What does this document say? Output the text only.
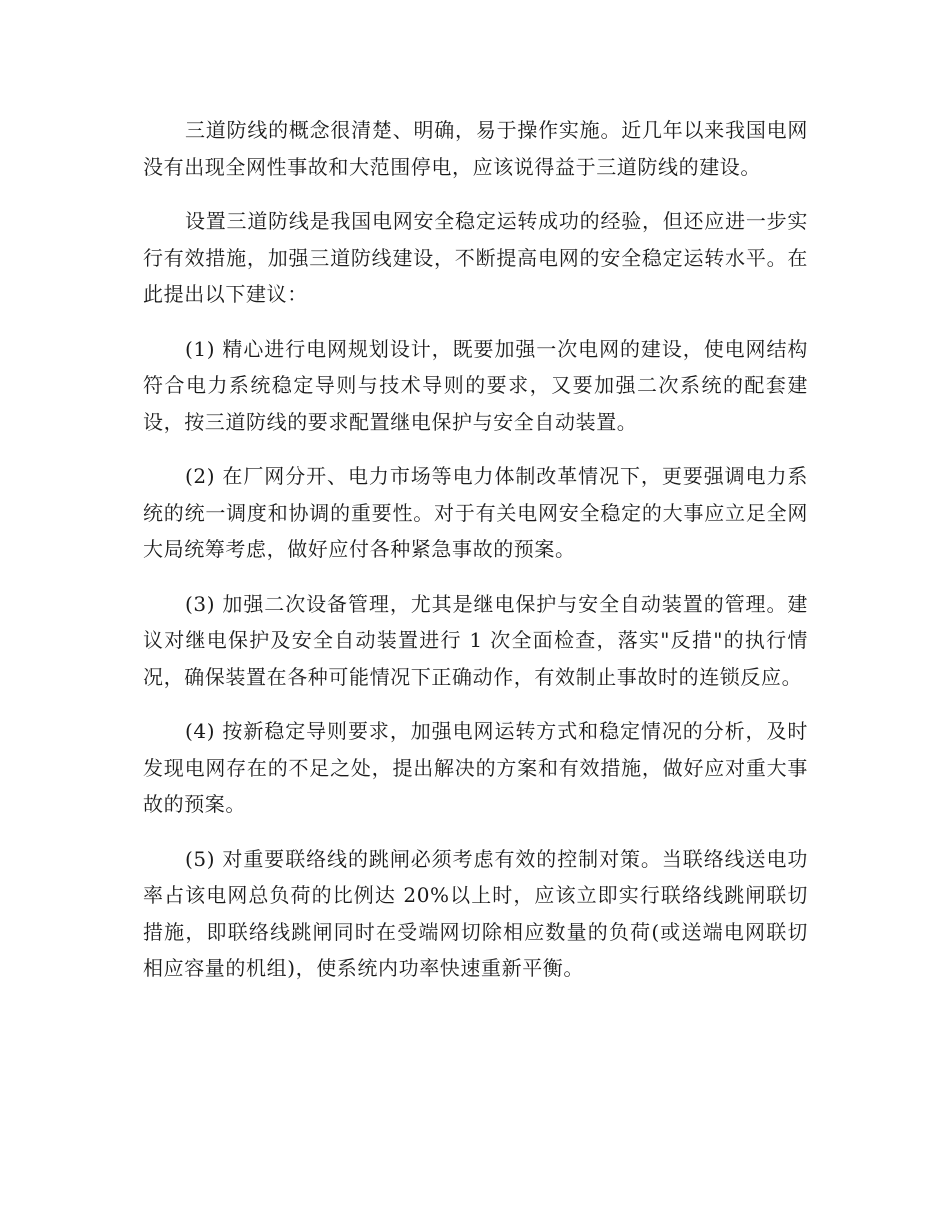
三道防线的概念很清楚、明确，易于操作实施。近几年以来我国电网没有出现全网性事故和大范围停电，应该说得益于三道防线的建设。

设置三道防线是我国电网安全稳定运转成功的经验，但还应进一步实行有效措施，加强三道防线建设，不断提高电网的安全稳定运转水平。在此提出以下建议：

(1) 精心进行电网规划设计，既要加强一次电网的建设，使电网结构符合电力系统稳定导则与技术导则的要求，又要加强二次系统的配套建设，按三道防线的要求配置继电保护与安全自动装置。

(2) 在厂网分开、电力市场等电力体制改革情况下，更要强调电力系统的统一调度和协调的重要性。对于有关电网安全稳定的大事应立足全网大局统筹考虑，做好应付各种紧急事故的预案。

(3) 加强二次设备管理，尤其是继电保护与安全自动装置的管理。建议对继电保护及安全自动装置进行 1 次全面检查，落实"反措"的执行情况，确保装置在各种可能情况下正确动作，有效制止事故时的连锁反应。

(4) 按新稳定导则要求，加强电网运转方式和稳定情况的分析，及时发现电网存在的不足之处，提出解决的方案和有效措施，做好应对重大事故的预案。

(5) 对重要联络线的跳闸必须考虑有效的控制对策。当联络线送电功率占该电网总负荷的比例达 20%以上时，应该立即实行联络线跳闸联切措施，即联络线跳闸同时在受端网切除相应数量的负荷(或送端电网联切相应容量的机组)，使系统内功率快速重新平衡。
